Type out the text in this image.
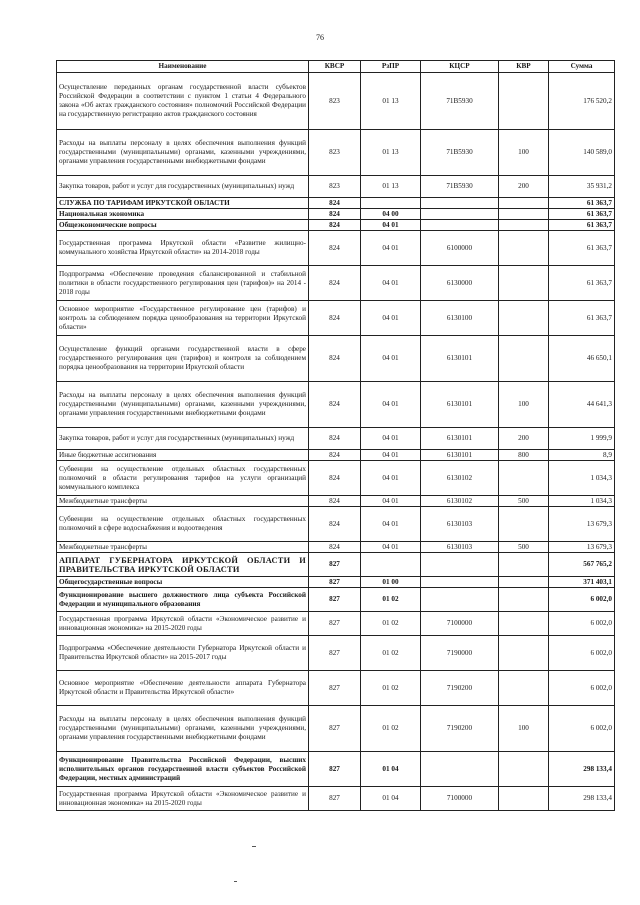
76
Наименование	КВСР	РзПР	КЦСР	КВР	Сумма
Осуществление переданных органам государственной власти субъектов Российской Федерации в соответствии с пунктом 1 статьи 4 Федерального закона «Об актах гражданского состояния» полномочий Российской Федерации на государственную регистрацию актов гражданского состояния	823	01 13	71В5930		176 520,2
Расходы на выплаты персоналу в целях обеспечения выполнения функций государственными (муниципальными) органами, казенными учреждениями, органами управления государственными внебюджетными фондами	823	01 13	71В5930	100	140 589,0
Закупка товаров, работ и услуг для государственных (муниципальных) нужд	823	01 13	71В5930	200	35 931,2
СЛУЖБА ПО ТАРИФАМ ИРКУТСКОЙ ОБЛАСТИ	824				61 363,7
Национальная экономика	824	04 00			61 363,7
Общеэкономические вопросы	824	04 01			61 363,7
Государственная программа Иркутской области «Развитие жилищно-коммунального хозяйства Иркутской области» на 2014-2018 годы	824	04 01	6100000		61 363,7
Подпрограмма «Обеспечение проведения сбалансированной и стабильной политики в области государственного регулирования цен (тарифов)» на 2014 - 2018 годы	824	04 01	6130000		61 363,7
Основное мероприятие «Государственное регулирование цен (тарифов) и контроль за соблюдением порядка ценообразования на территории Иркутской области»	824	04 01	6130100		61 363,7
Осуществление функций органами государственной власти в сфере государственного регулирования цен (тарифов) и контроля за соблюдением порядка ценообразования на территории Иркутской области	824	04 01	6130101		46 650,1
Расходы на выплаты персоналу в целях обеспечения выполнения функций государственными (муниципальными) органами, казенными учреждениями, органами управления государственными внебюджетными фондами	824	04 01	6130101	100	44 641,3
Закупка товаров, работ и услуг для государственных (муниципальных) нужд	824	04 01	6130101	200	1 999,9
Иные бюджетные ассигнования	824	04 01	6130101	800	8,9
Субвенции на осуществление отдельных областных государственных полномочий в области регулирования тарифов на услуги организаций коммунального комплекса	824	04 01	6130102		1 034,3
Межбюджетные трансферты	824	04 01	6130102	500	1 034,3
Субвенции на осуществление отдельных областных государственных полномочий в сфере водоснабжения и водоотведения	824	04 01	6130103		13 679,3
Межбюджетные трансферты	824	04 01	6130103	500	13 679,3
АППАРАТ ГУБЕРНАТОРА ИРКУТСКОЙ ОБЛАСТИ И ПРАВИТЕЛЬСТВА ИРКУТСКОЙ ОБЛАСТИ	827				567 765,2
Общегосударственные вопросы	827	01 00			371 403,1
Функционирование высшего должностного лица субъекта Российской Федерации и муниципального образования	827	01 02			6 002,0
Государственная программа Иркутской области «Экономическое развитие и инновационная экономика» на 2015-2020 годы	827	01 02	7100000		6 002,0
Подпрограмма «Обеспечение деятельности Губернатора Иркутской области и Правительства Иркутской области» на 2015-2017 годы	827	01 02	7190000		6 002,0
Основное мероприятие «Обеспечение деятельности аппарата Губернатора Иркутской области и Правительства Иркутской области»	827	01 02	7190200		6 002,0
Расходы на выплаты персоналу в целях обеспечения выполнения функций государственными (муниципальными) органами, казенными учреждениями, органами управления государственными внебюджетными фондами	827	01 02	7190200	100	6 002,0
Функционирование Правительства Российской Федерации, высших исполнительных органов государственной власти субъектов Российской Федерации, местных администраций	827	01 04			298 133,4
Государственная программа Иркутской области «Экономическое развитие и инновационная экономика» на 2015-2020 годы	827	01 04	7100000		298 133,4
